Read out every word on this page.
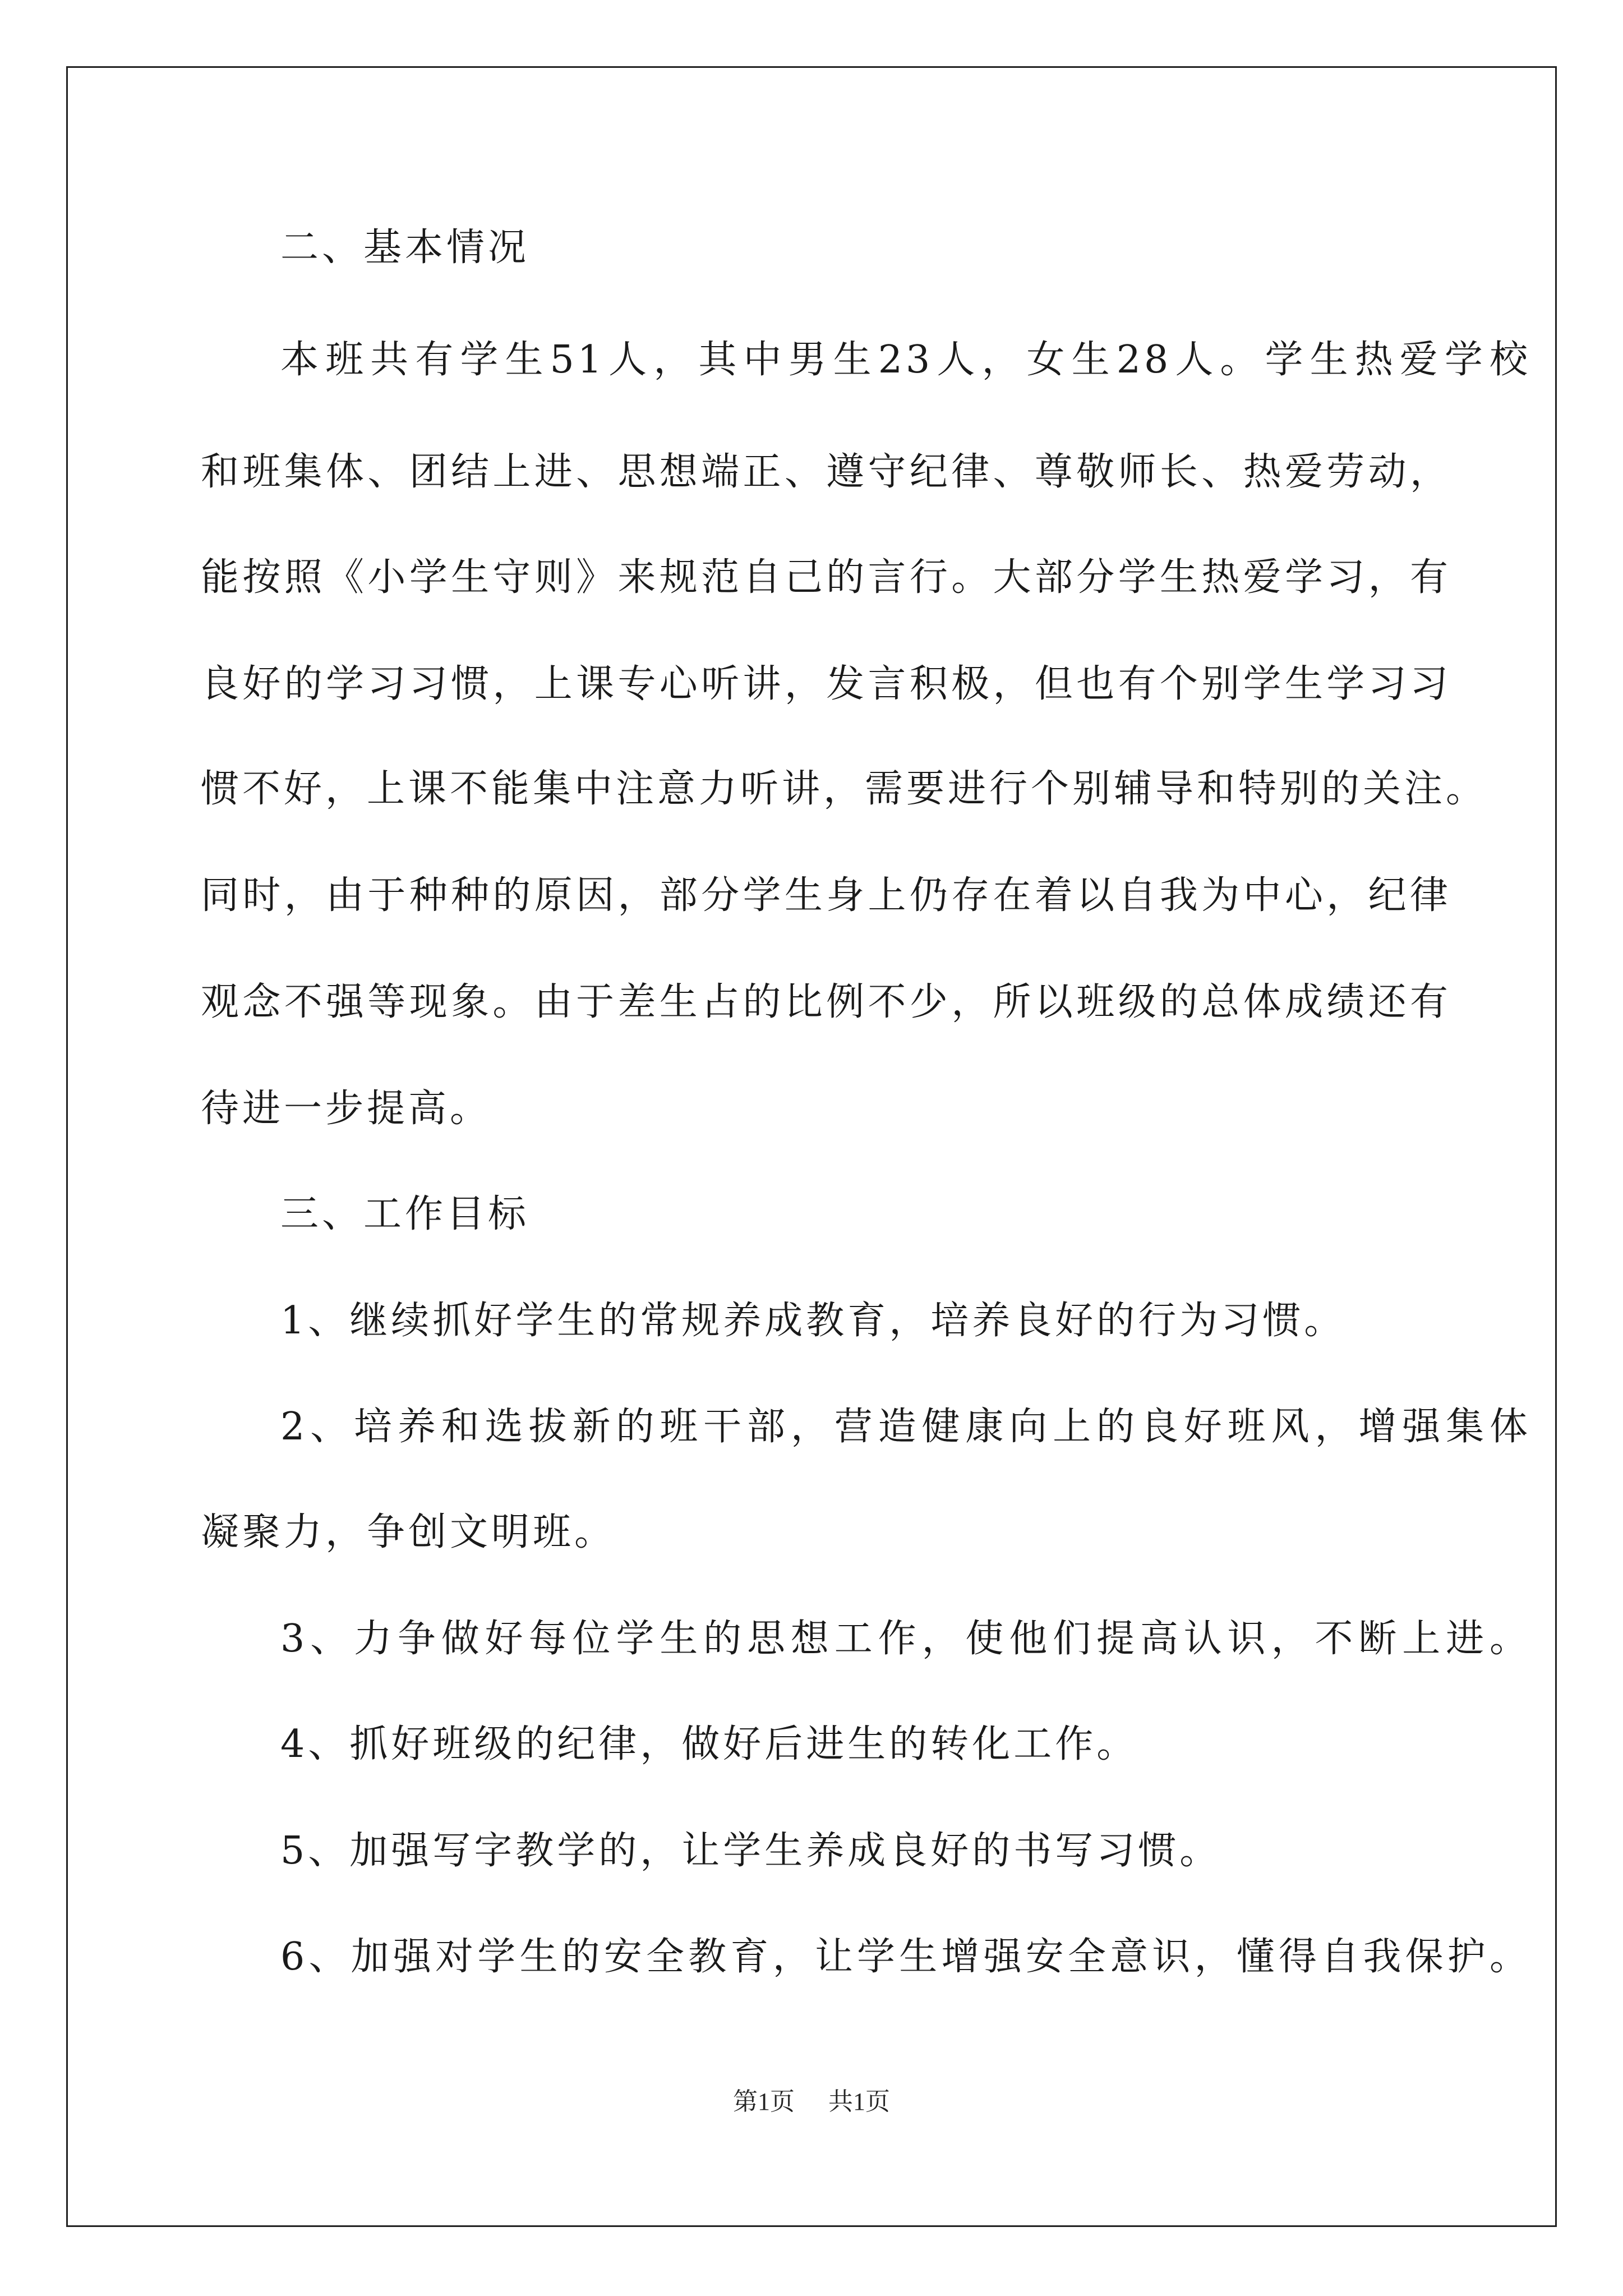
二、基本情况
本班共有学生51人，其中男生23人，女生28人。学生热爱学校
和班集体、团结上进、思想端正、遵守纪律、尊敬师长、热爱劳动，
能按照《小学生守则》来规范自己的言行。大部分学生热爱学习，有
良好的学习习惯，上课专心听讲，发言积极，但也有个别学生学习习
惯不好，上课不能集中注意力听讲，需要进行个别辅导和特别的关注。
同时，由于种种的原因，部分学生身上仍存在着以自我为中心，纪律
观念不强等现象。由于差生占的比例不少，所以班级的总体成绩还有
待进一步提高。
三、工作目标
1、继续抓好学生的常规养成教育，培养良好的行为习惯。
2、培养和选拔新的班干部，营造健康向上的良好班风，增强集体
凝聚力，争创文明班。
3、力争做好每位学生的思想工作，使他们提高认识，不断上进。
4、抓好班级的纪律，做好后进生的转化工作。
5、加强写字教学的，让学生养成良好的书写习惯。
6、加强对学生的安全教育，让学生增强安全意识，懂得自我保护。
第1页 共1页
